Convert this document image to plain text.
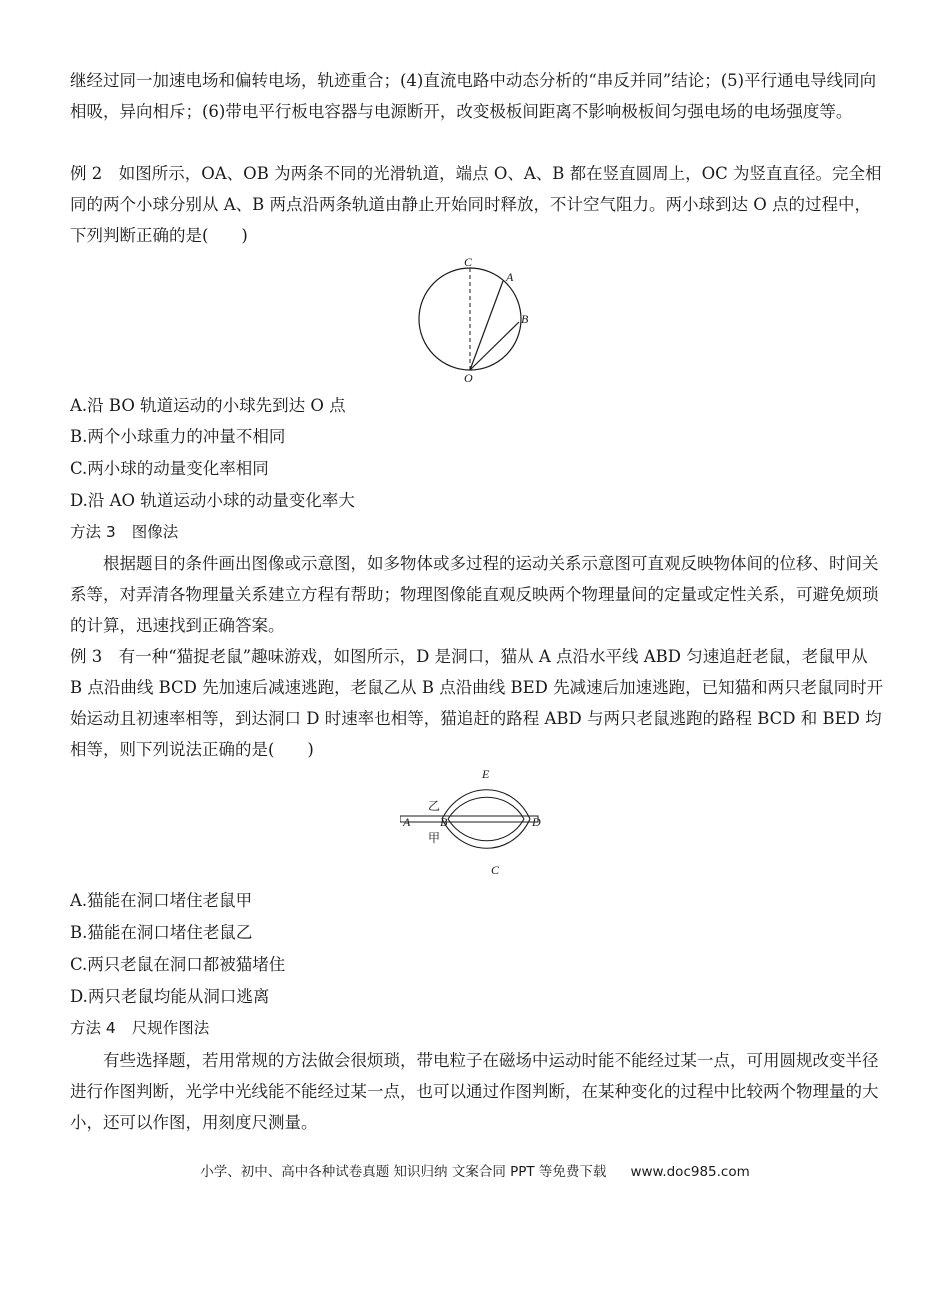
继经过同一加速电场和偏转电场，轨迹重合；(4)直流电路中动态分析的“串反并同”结论；(5)平行通电导线同向相吸，异向相斥；(6)带电平行板电容器与电源断开，改变极板间距离不影响极板间匀强电场的电场强度等。

例 2　如图所示，OA、OB 为两条不同的光滑轨道，端点 O、A、B 都在竖直圆周上，OC 为竖直直径。完全相同的两个小球分别从 A、B 两点沿两条轨道由静止开始同时释放，不计空气阻力。两小球到达 O 点的过程中，下列判断正确的是(　　)

C
A
B
O
A.沿 BO 轨道运动的小球先到达 O 点
B.两个小球重力的冲量不相同
C.两小球的动量变化率相同
D.沿 AO 轨道运动小球的动量变化率大
方法 3 图像法

根据题目的条件画出图像或示意图，如多物体或多过程的运动关系示意图可直观反映物体间的位移、时间关系等，对弄清各物理量关系建立方程有帮助；物理图像能直观反映两个物理量间的定量或定性关系，可避免烦琐的计算，迅速找到正确答案。

例 3　有一种“猫捉老鼠”趣味游戏，如图所示，D 是洞口，猫从 A 点沿水平线 ABD 匀速追赶老鼠，老鼠甲从 B 点沿曲线 BCD 先加速后减速逃跑，老鼠乙从 B 点沿曲线 BED 先减速后加速逃跑，已知猫和两只老鼠同时开始运动且初速率相等，到达洞口 D 时速率也相等，猫追赶的路程 ABD 与两只老鼠逃跑的路程 BCD 和 BED 均相等，则下列说法正确的是(　　)

E
乙
A B	D
甲
C
A.猫能在洞口堵住老鼠甲
B.猫能在洞口堵住老鼠乙
C.两只老鼠在洞口都被猫堵住
D.两只老鼠均能从洞口逃离
方法 4 尺规作图法

有些选择题，若用常规的方法做会很烦琐，带电粒子在磁场中运动时能不能经过某一点，可用圆规改变半径进行作图判断，光学中光线能不能经过某一点，也可以通过作图判断，在某种变化的过程中比较两个物理量的大小，还可以作图，用刻度尺测量。

小学、初中、高中各种试卷真题 知识归纳 文案合同 PPT 等免费下载 www.doc985.com
